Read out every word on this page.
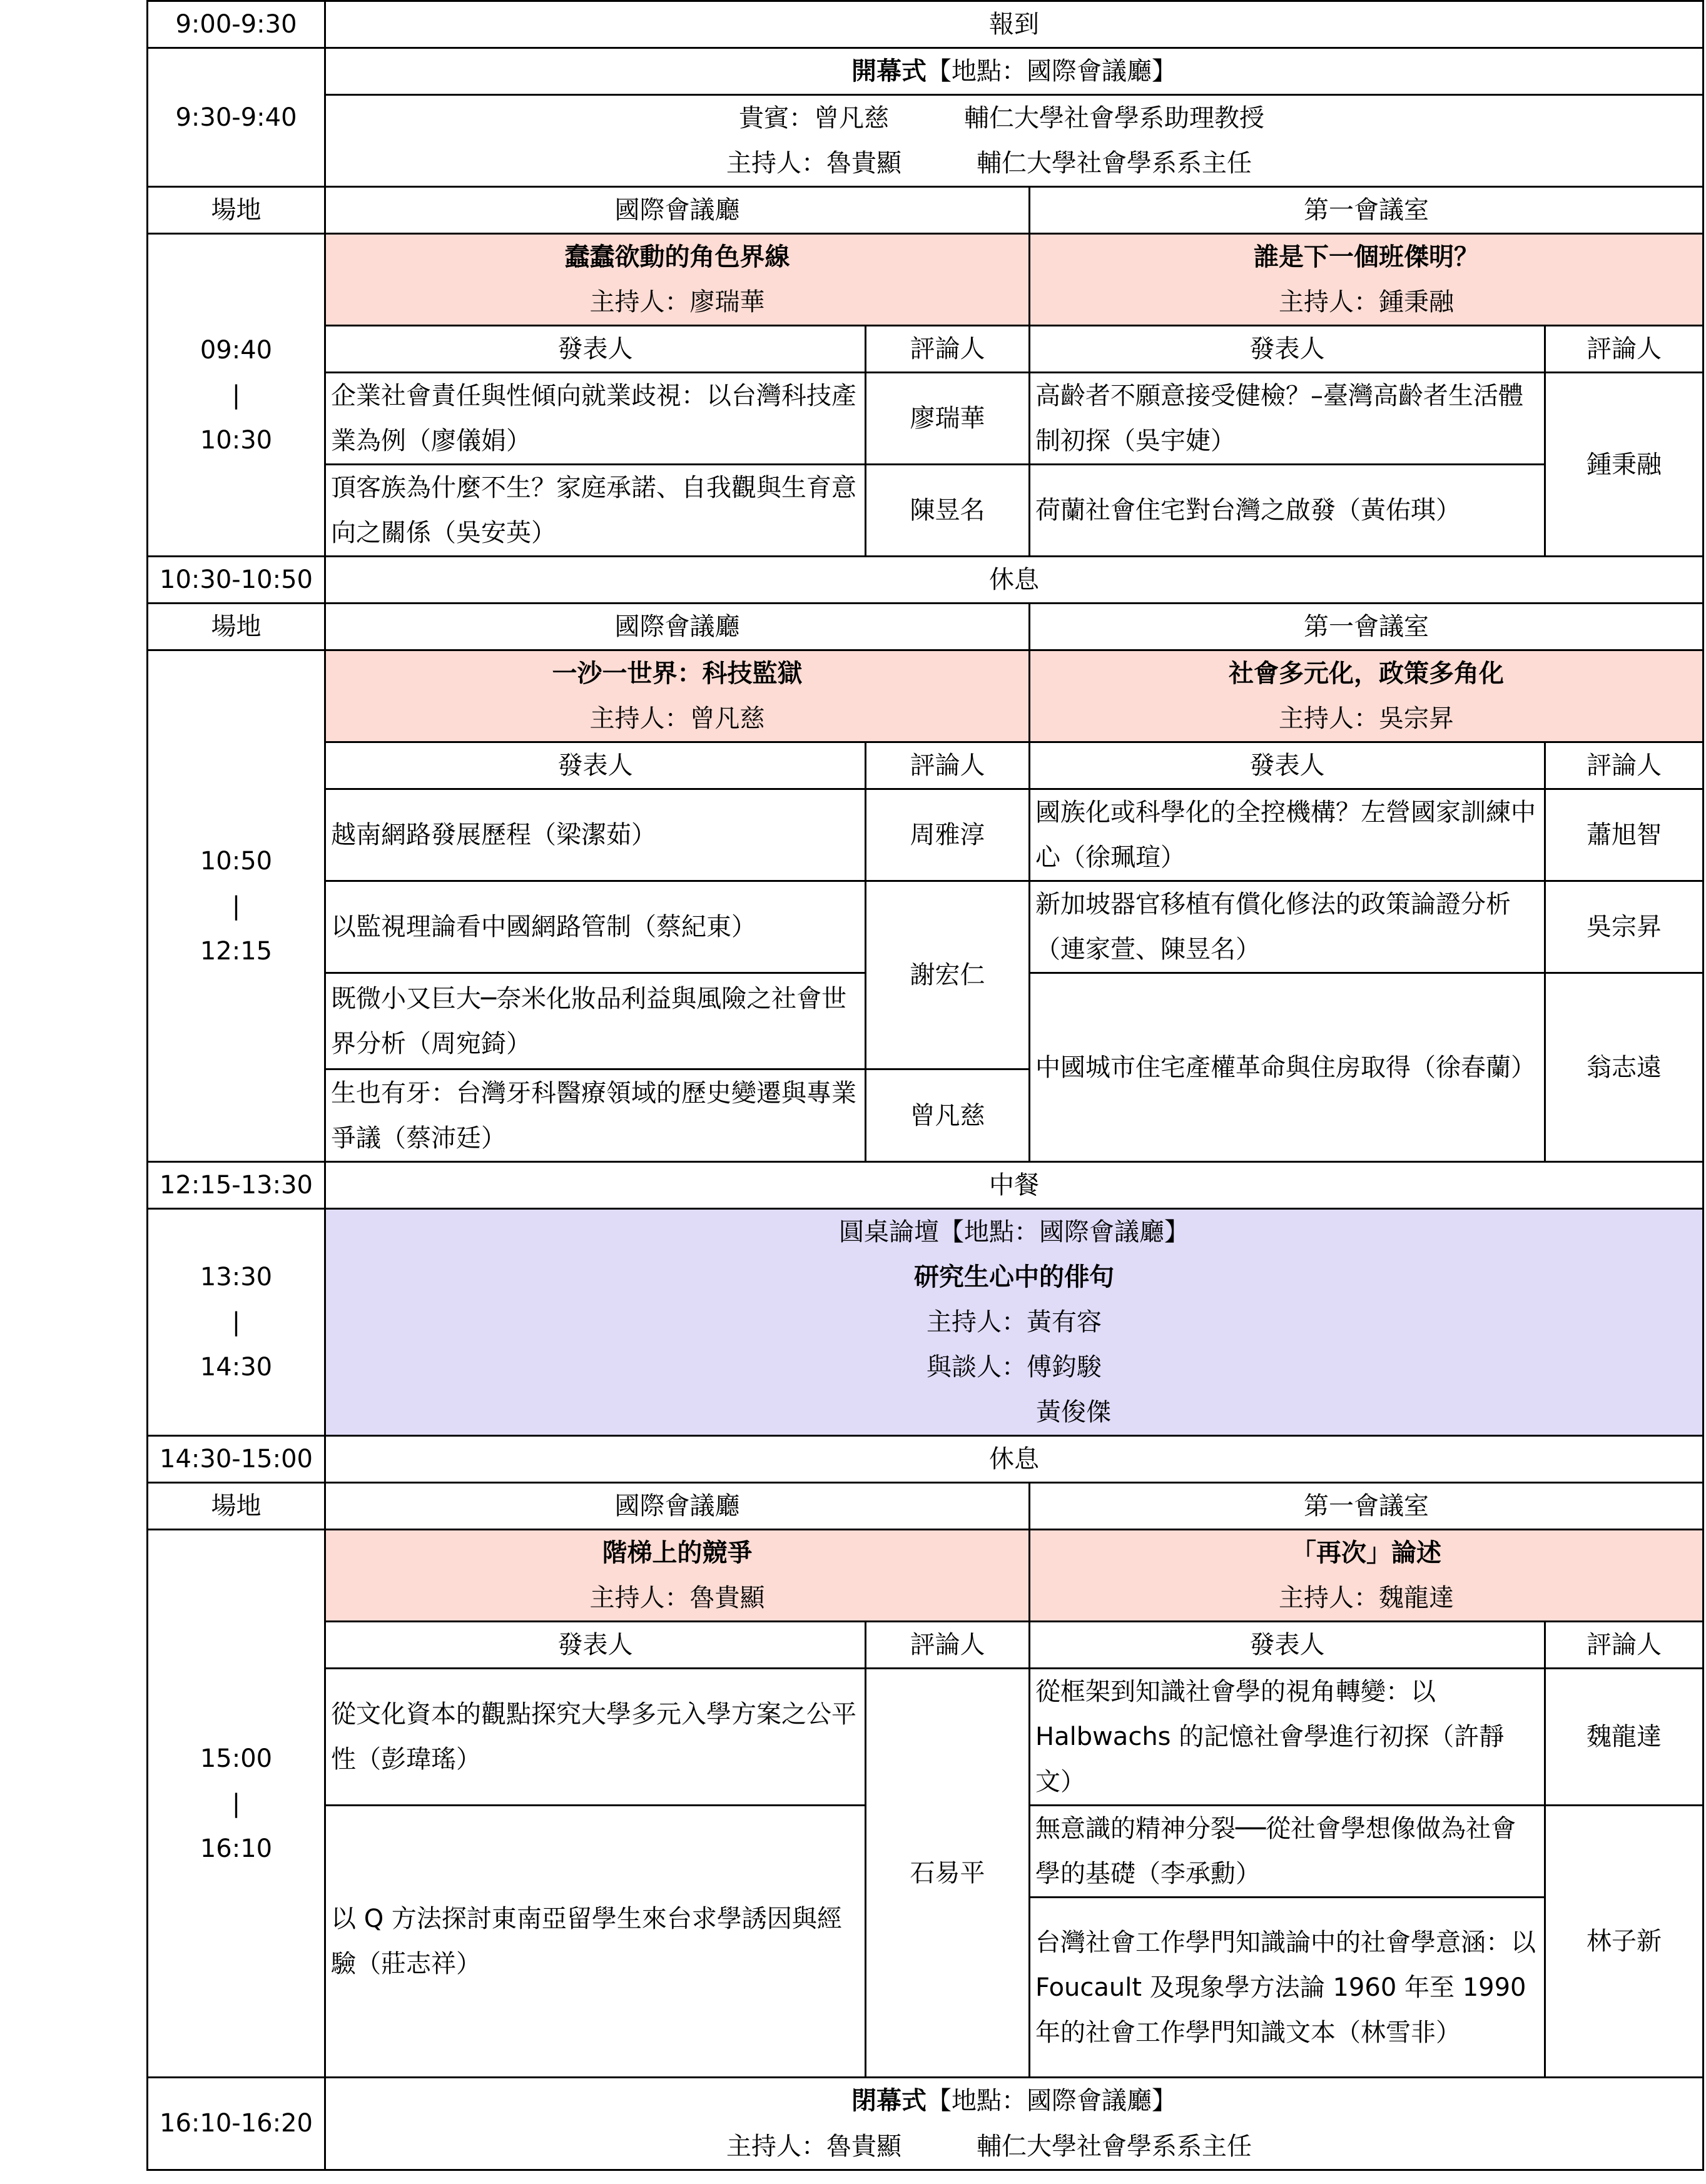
9:00-9:30	報到			
9:30-9:40	開幕式【地點：國際會議廳】			

	貴賓：曾凡慈 輔仁大學社會學系助理教授			

	主持人：魯貴顯 輔仁大學社會學系系主任			

場地	國際會議廳		第一會議室	

09:40
|
10:30	蠢蠢欲動的角色界線		誰是下一個班傑明？	
	主持人：廖瑞華		主持人：鍾秉融	
	發表人	評論人	發表人	評論人
	企業社會責任與性傾向就業歧視：以台灣科技產業為例（廖儀娟）	廖瑞華	高齡者不願意接受健檢？–臺灣高齡者生活體制初探（吳宇婕）	鍾秉融
	頂客族為什麼不生？家庭承諾、自我觀與生育意向之關係（吳安英）	陳昱名	荷蘭社會住宅對台灣之啟發（黃佑琪）	

10:30-10:50	休息			
場地	國際會議廳		第一會議室	

10:50
|
12:15	一沙一世界：科技監獄		社會多元化，政策多角化	
	主持人：曾凡慈		主持人：吳宗昇	
	發表人	評論人	發表人	評論人
	越南網路發展歷程（梁潔茹）	周雅淳	國族化或科學化的全控機構？左營國家訓練中心（徐珮瑄）	蕭旭智
	以監視理論看中國網路管制（蔡紀東）	謝宏仁	新加坡器官移植有償化修法的政策論證分析（連家萱、陳昱名）	吳宗昇
	既微小又巨大─奈米化妝品利益與風險之社會世界分析（周宛錡）		中國城市住宅產權革命與住房取得（徐春蘭）	翁志遠
	生也有牙：台灣牙科醫療領域的歷史變遷與專業爭議（蔡沛廷）	曾凡慈		

12:15-13:30	中餐			

13:30
|
14:30	圓桌論壇【地點：國際會議廳】
研究生心中的俳句
主持人：黃有容
與談人：傅鈞駿
黃俊傑			

14:30-15:00	休息			
場地	國際會議廳		第一會議室	

15:00
|
16:10	階梯上的競爭		「再次」論述	
	主持人：魯貴顯		主持人：魏龍達	
	發表人	評論人	發表人	評論人
	從文化資本的觀點探究大學多元入學方案之公平性（彭瑋瑤）	石易平	從框架到知識社會學的視角轉變：以 Halbwachs 的記憶社會學進行初探（許靜文）	魏龍達
	以 Q 方法探討東南亞留學生來台求學誘因與經驗（莊志祥）		無意識的精神分裂──從社會學想像做為社會學的基礎（李承勳）	林子新
			台灣社會工作學門知識論中的社會學意涵：以 Foucault 及現象學方法論 1960 年至 1990 年的社會工作學門知識文本（林雪非）	

16:10-16:20	閉幕式【地點：國際會議廳】			

	主持人：魯貴顯 輔仁大學社會學系系主任			
